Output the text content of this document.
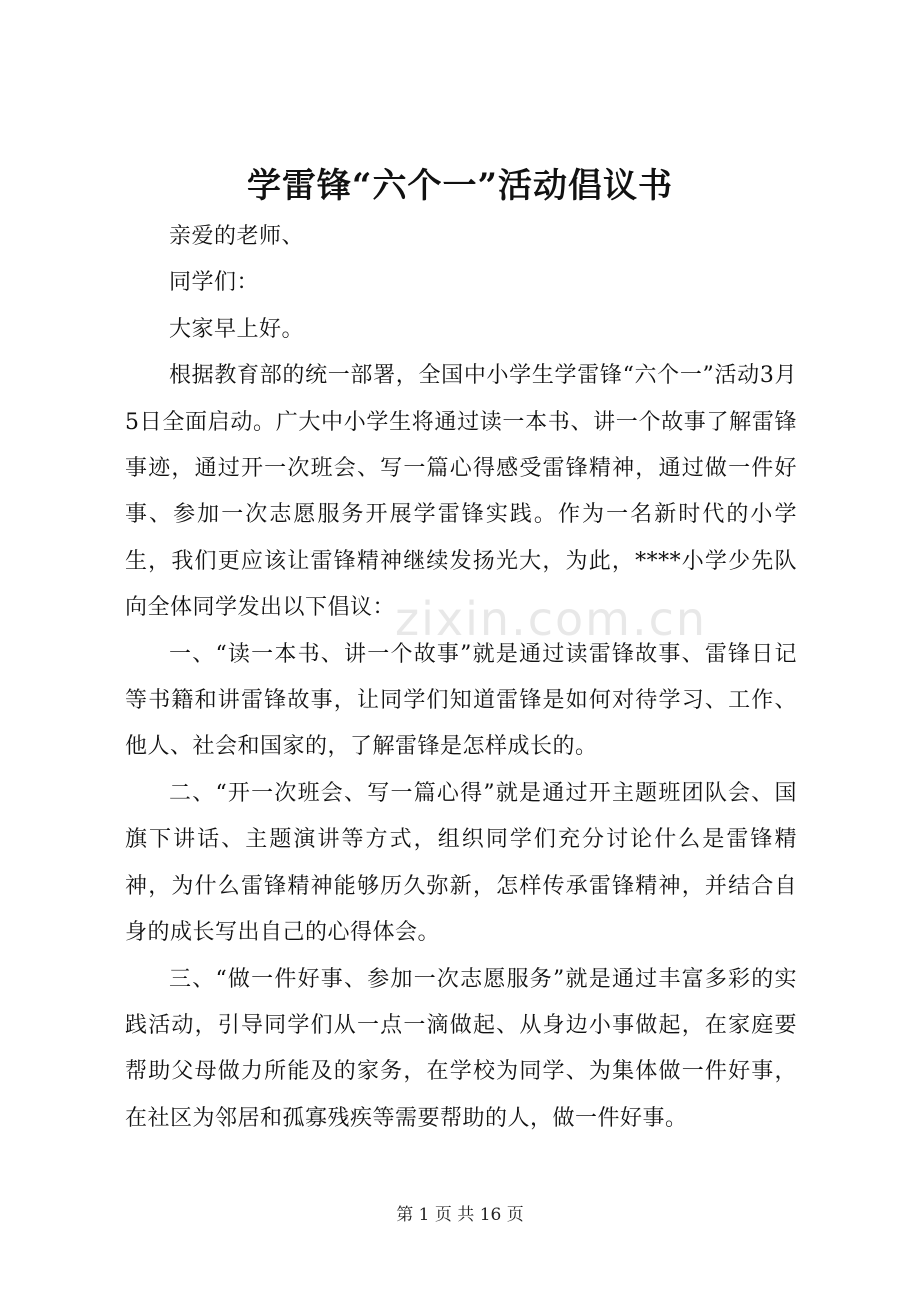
学雷锋“六个一”活动倡议书

亲爱的老师、

同学们：

大家早上好。

根据教育部的统一部署，全国中小学生学雷锋“六个一”活动3月5日全面启动。广大中小学生将通过读一本书、讲一个故事了解雷锋事迹，通过开一次班会、写一篇心得感受雷锋精神，通过做一件好事、参加一次志愿服务开展学雷锋实践。作为一名新时代的小学生，我们更应该让雷锋精神继续发扬光大，为此，****小学少先队向全体同学发出以下倡议：

一、“读一本书、讲一个故事”就是通过读雷锋故事、雷锋日记等书籍和讲雷锋故事，让同学们知道雷锋是如何对待学习、工作、他人、社会和国家的，了解雷锋是怎样成长的。

二、“开一次班会、写一篇心得”就是通过开主题班团队会、国旗下讲话、主题演讲等方式，组织同学们充分讨论什么是雷锋精神，为什么雷锋精神能够历久弥新，怎样传承雷锋精神，并结合自身的成长写出自己的心得体会。

三、“做一件好事、参加一次志愿服务”就是通过丰富多彩的实践活动，引导同学们从一点一滴做起、从身边小事做起，在家庭要帮助父母做力所能及的家务，在学校为同学、为集体做一件好事，在社区为邻居和孤寡残疾等需要帮助的人，做一件好事。

zixin.com.cn
第 1 页 共 16 页
